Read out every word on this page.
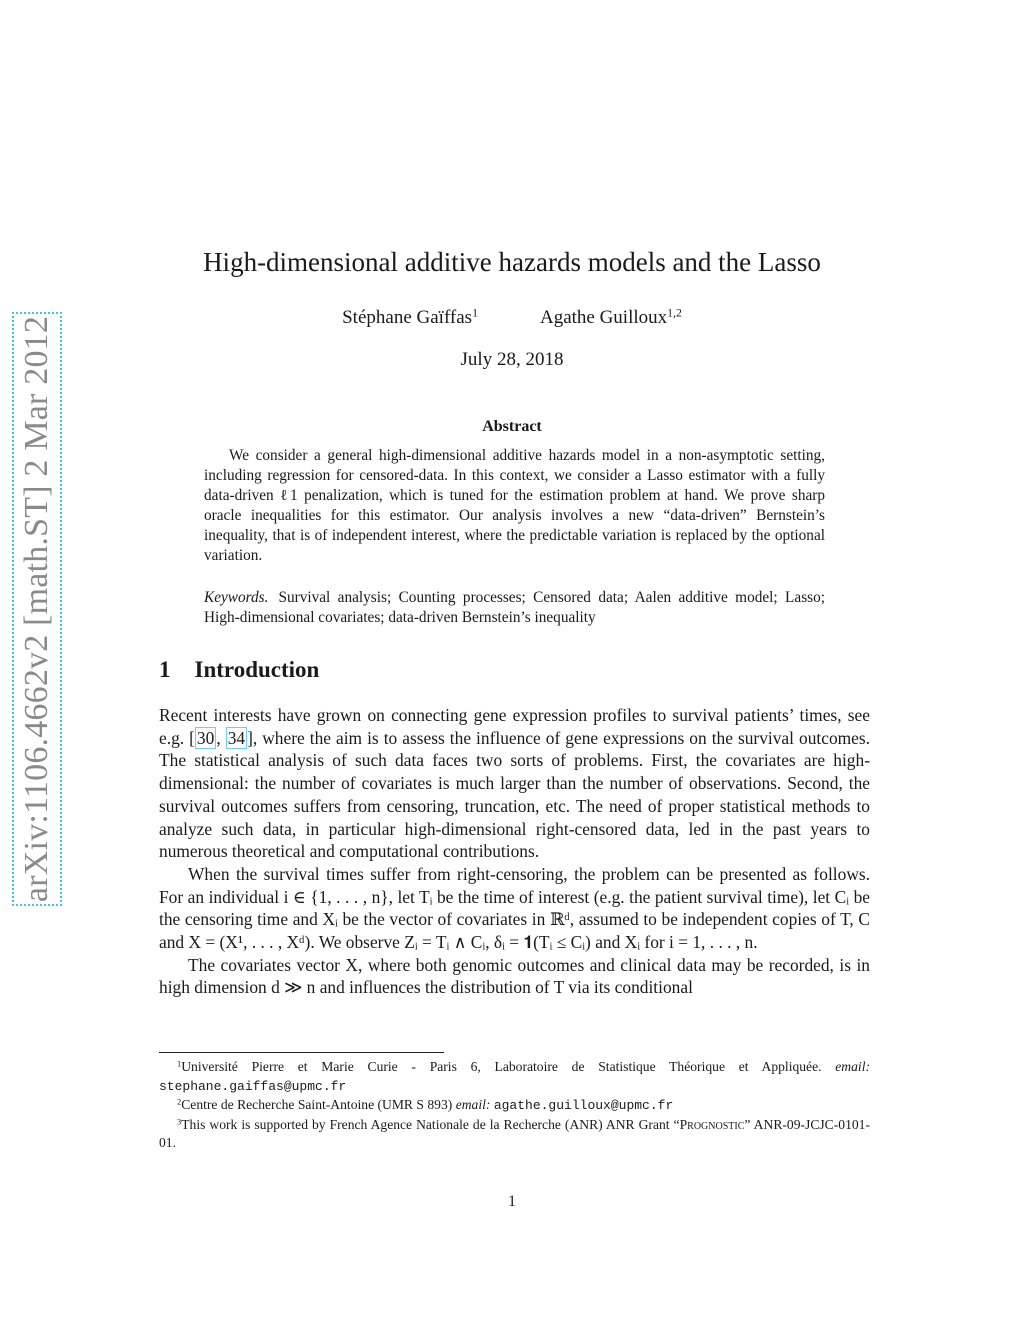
arXiv:1106.4662v2 [math.ST] 2 Mar 2012
High-dimensional additive hazards models and the Lasso
Stéphane Gaïffas$^1$	Agathe Guilloux$^{1,2}$
July 28, 2018
Abstract
We consider a general high-dimensional additive hazards model in a non-asymptotic setting, including regression for censored-data. In this context, we consider a Lasso estimator with a fully data-driven ℓ1 penalization, which is tuned for the estimation problem at hand. We prove sharp oracle inequalities for this estimator. Our analysis involves a new “data-driven” Bernstein’s inequality, that is of independent interest, where the predictable variation is replaced by the optional variation.
Keywords. Survival analysis; Counting processes; Censored data; Aalen additive model; Lasso; High-dimensional covariates; data-driven Bernstein’s inequality
1 Introduction

Recent interests have grown on connecting gene expression profiles to survival patients’ times, see e.g. [ 30 , 34 ], where the aim is to assess the influence of gene expressions on the survival outcomes. The statistical analysis of such data faces two sorts of problems. First, the covariates are high-dimensional: the number of covariates is much larger than the number of observations. Second, the survival outcomes suffers from censoring, truncation, etc. The need of proper statistical methods to analyze such data, in particular high-dimensional right-censored data, led in the past years to numerous theoretical and computational contributions.

When the survival times suffer from right-censoring, the problem can be presented as follows. For an individual i ∈ {1, . . . , n}, let Tᵢ be the time of interest (e.g. the patient survival time), let Cᵢ be the censoring time and Xᵢ be the vector of covariates in ℝᵈ, assumed to be independent copies of T, C and X = (X¹, . . . , Xᵈ). We observe Zᵢ = Tᵢ ∧ Cᵢ, δᵢ = 𝟏(Tᵢ ≤ Cᵢ) and Xᵢ for i = 1, . . . , n.

The covariates vector X, where both genomic outcomes and clinical data may be recorded, is in high dimension d ≫ n and influences the distribution of T via its conditional

$^1$Université Pierre et Marie Curie - Paris 6, Laboratoire de Statistique Théorique et Appliquée. email: stephane.gaiffas@upmc.fr

$^2$Centre de Recherche Saint-Antoine (UMR S 893) email: agathe.guilloux@upmc.fr

$^3$This work is supported by French Agence Nationale de la Recherche (ANR) ANR Grant “Prognostic” ANR-09-JCJC-0101-01.

1
